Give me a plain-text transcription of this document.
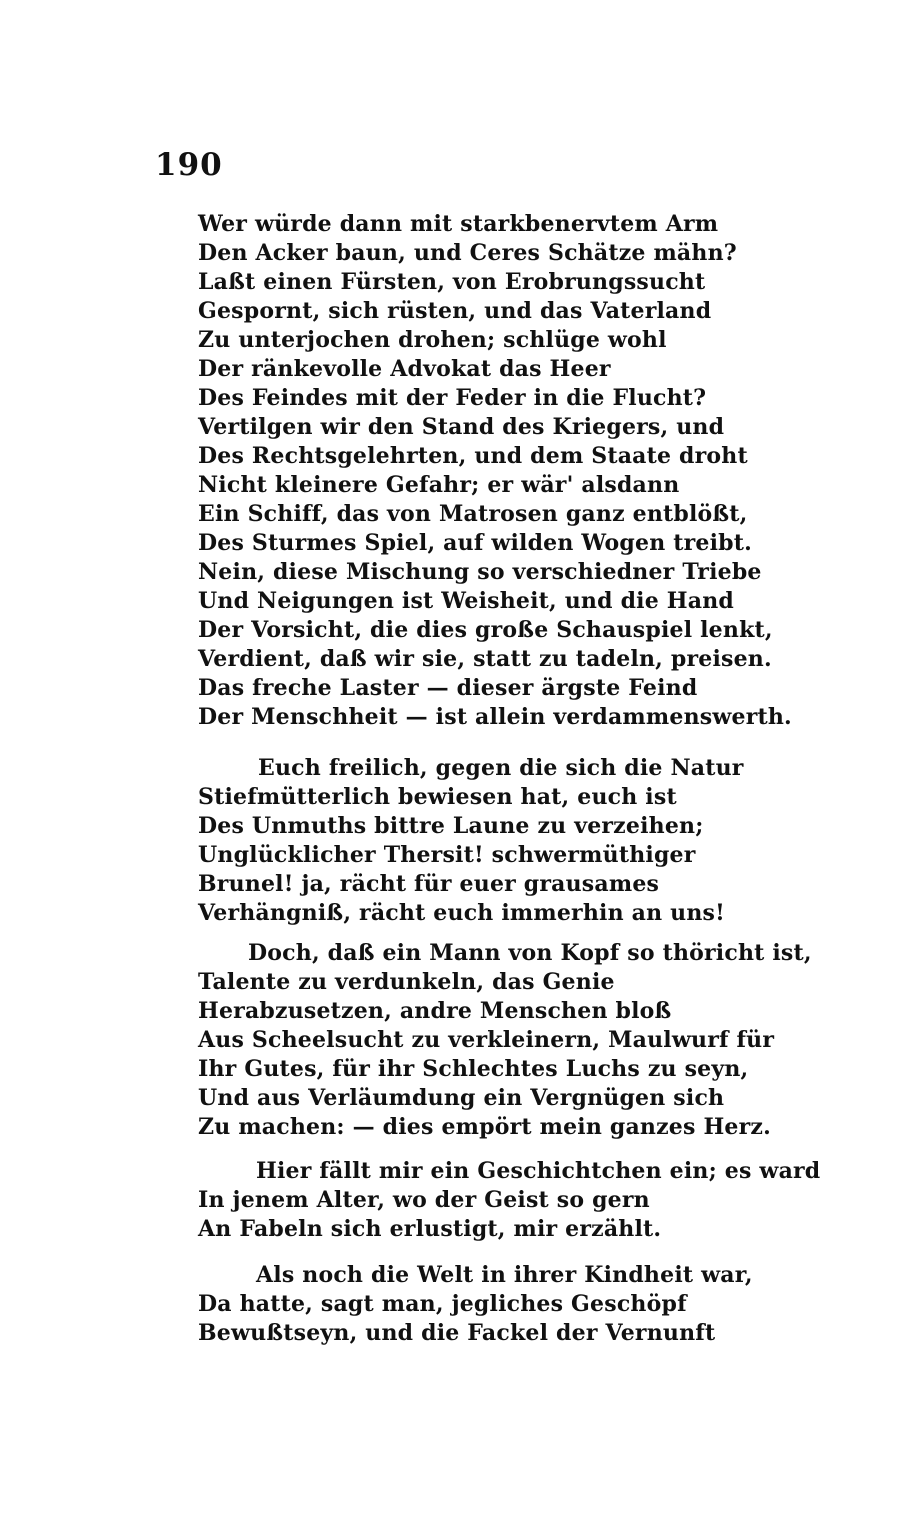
190
Wer würde dann mit starkbenervtem Arm
Den Acker baun, und Ceres Schätze mähn?
Laßt einen Fürsten, von Erobrungssucht
Gespornt, sich rüsten, und das Vaterland
Zu unterjochen drohen; schlüge wohl
Der ränkevolle Advokat das Heer
Des Feindes mit der Feder in die Flucht?
Vertilgen wir den Stand des Kriegers, und
Des Rechtsgelehrten, und dem Staate droht
Nicht kleinere Gefahr; er wär' alsdann
Ein Schiff, das von Matrosen ganz entblößt,
Des Sturmes Spiel, auf wilden Wogen treibt.
Nein, diese Mischung so verschiedner Triebe
Und Neigungen ist Weisheit, und die Hand
Der Vorsicht, die dies große Schauspiel lenkt,
Verdient, daß wir sie, statt zu tadeln, preisen.
Das freche Laster — dieser ärgste Feind
Der Menschheit — ist allein verdammenswerth.
Euch freilich, gegen die sich die Natur
Stiefmütterlich bewiesen hat, euch ist
Des Unmuths bittre Laune zu verzeihen;
Unglücklicher Thersit! schwermüthiger
Brunel! ja, rächt für euer grausames
Verhängniß, rächt euch immerhin an uns!
Doch, daß ein Mann von Kopf so thöricht ist,
Talente zu verdunkeln, das Genie
Herabzusetzen, andre Menschen bloß
Aus Scheelsucht zu verkleinern, Maulwurf für
Ihr Gutes, für ihr Schlechtes Luchs zu seyn,
Und aus Verläumdung ein Vergnügen sich
Zu machen: — dies empört mein ganzes Herz.
Hier fällt mir ein Geschichtchen ein; es ward
In jenem Alter, wo der Geist so gern
An Fabeln sich erlustigt, mir erzählt.
Als noch die Welt in ihrer Kindheit war,
Da hatte, sagt man, jegliches Geschöpf
Bewußtseyn, und die Fackel der Vernunft
